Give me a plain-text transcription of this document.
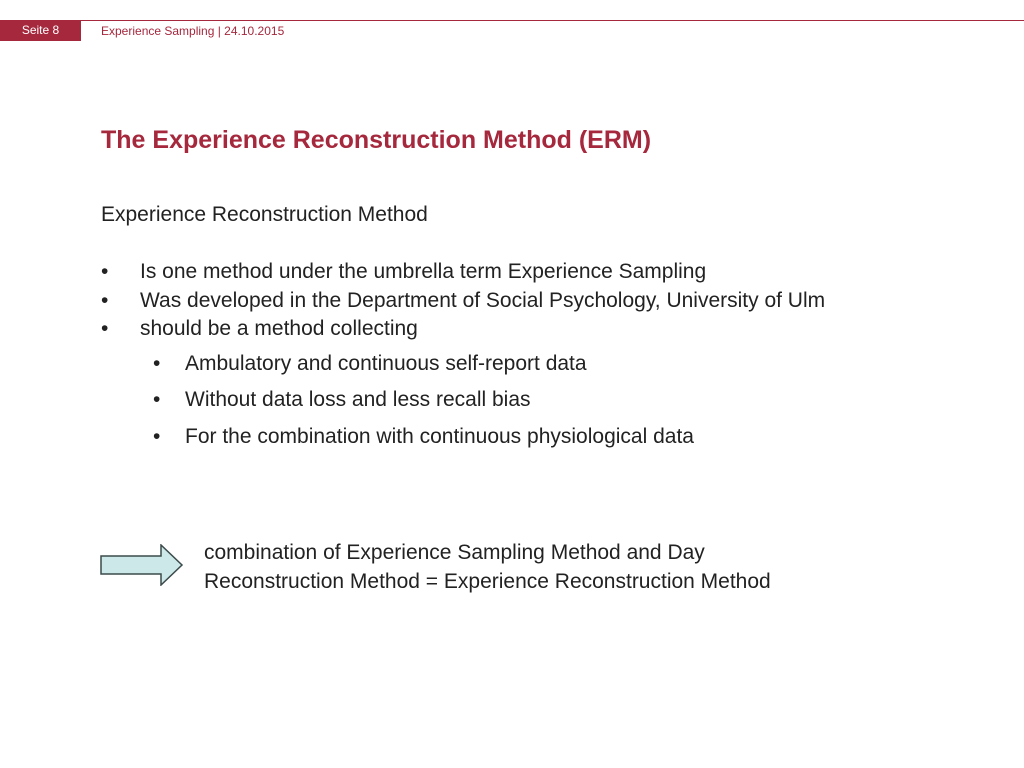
Seite 8	Experience Sampling | 24.10.2015
The Experience Reconstruction Method (ERM)
Experience Reconstruction Method
• Is one method under the umbrella term Experience Sampling
• Was developed in the Department of Social Psychology, University of Ulm
• should be a method collecting
• Ambulatory and continuous self-report data
• Without data loss and less recall bias
• For the combination with continuous physiological data
combination of Experience Sampling Method and Day
Reconstruction Method = Experience Reconstruction Method
